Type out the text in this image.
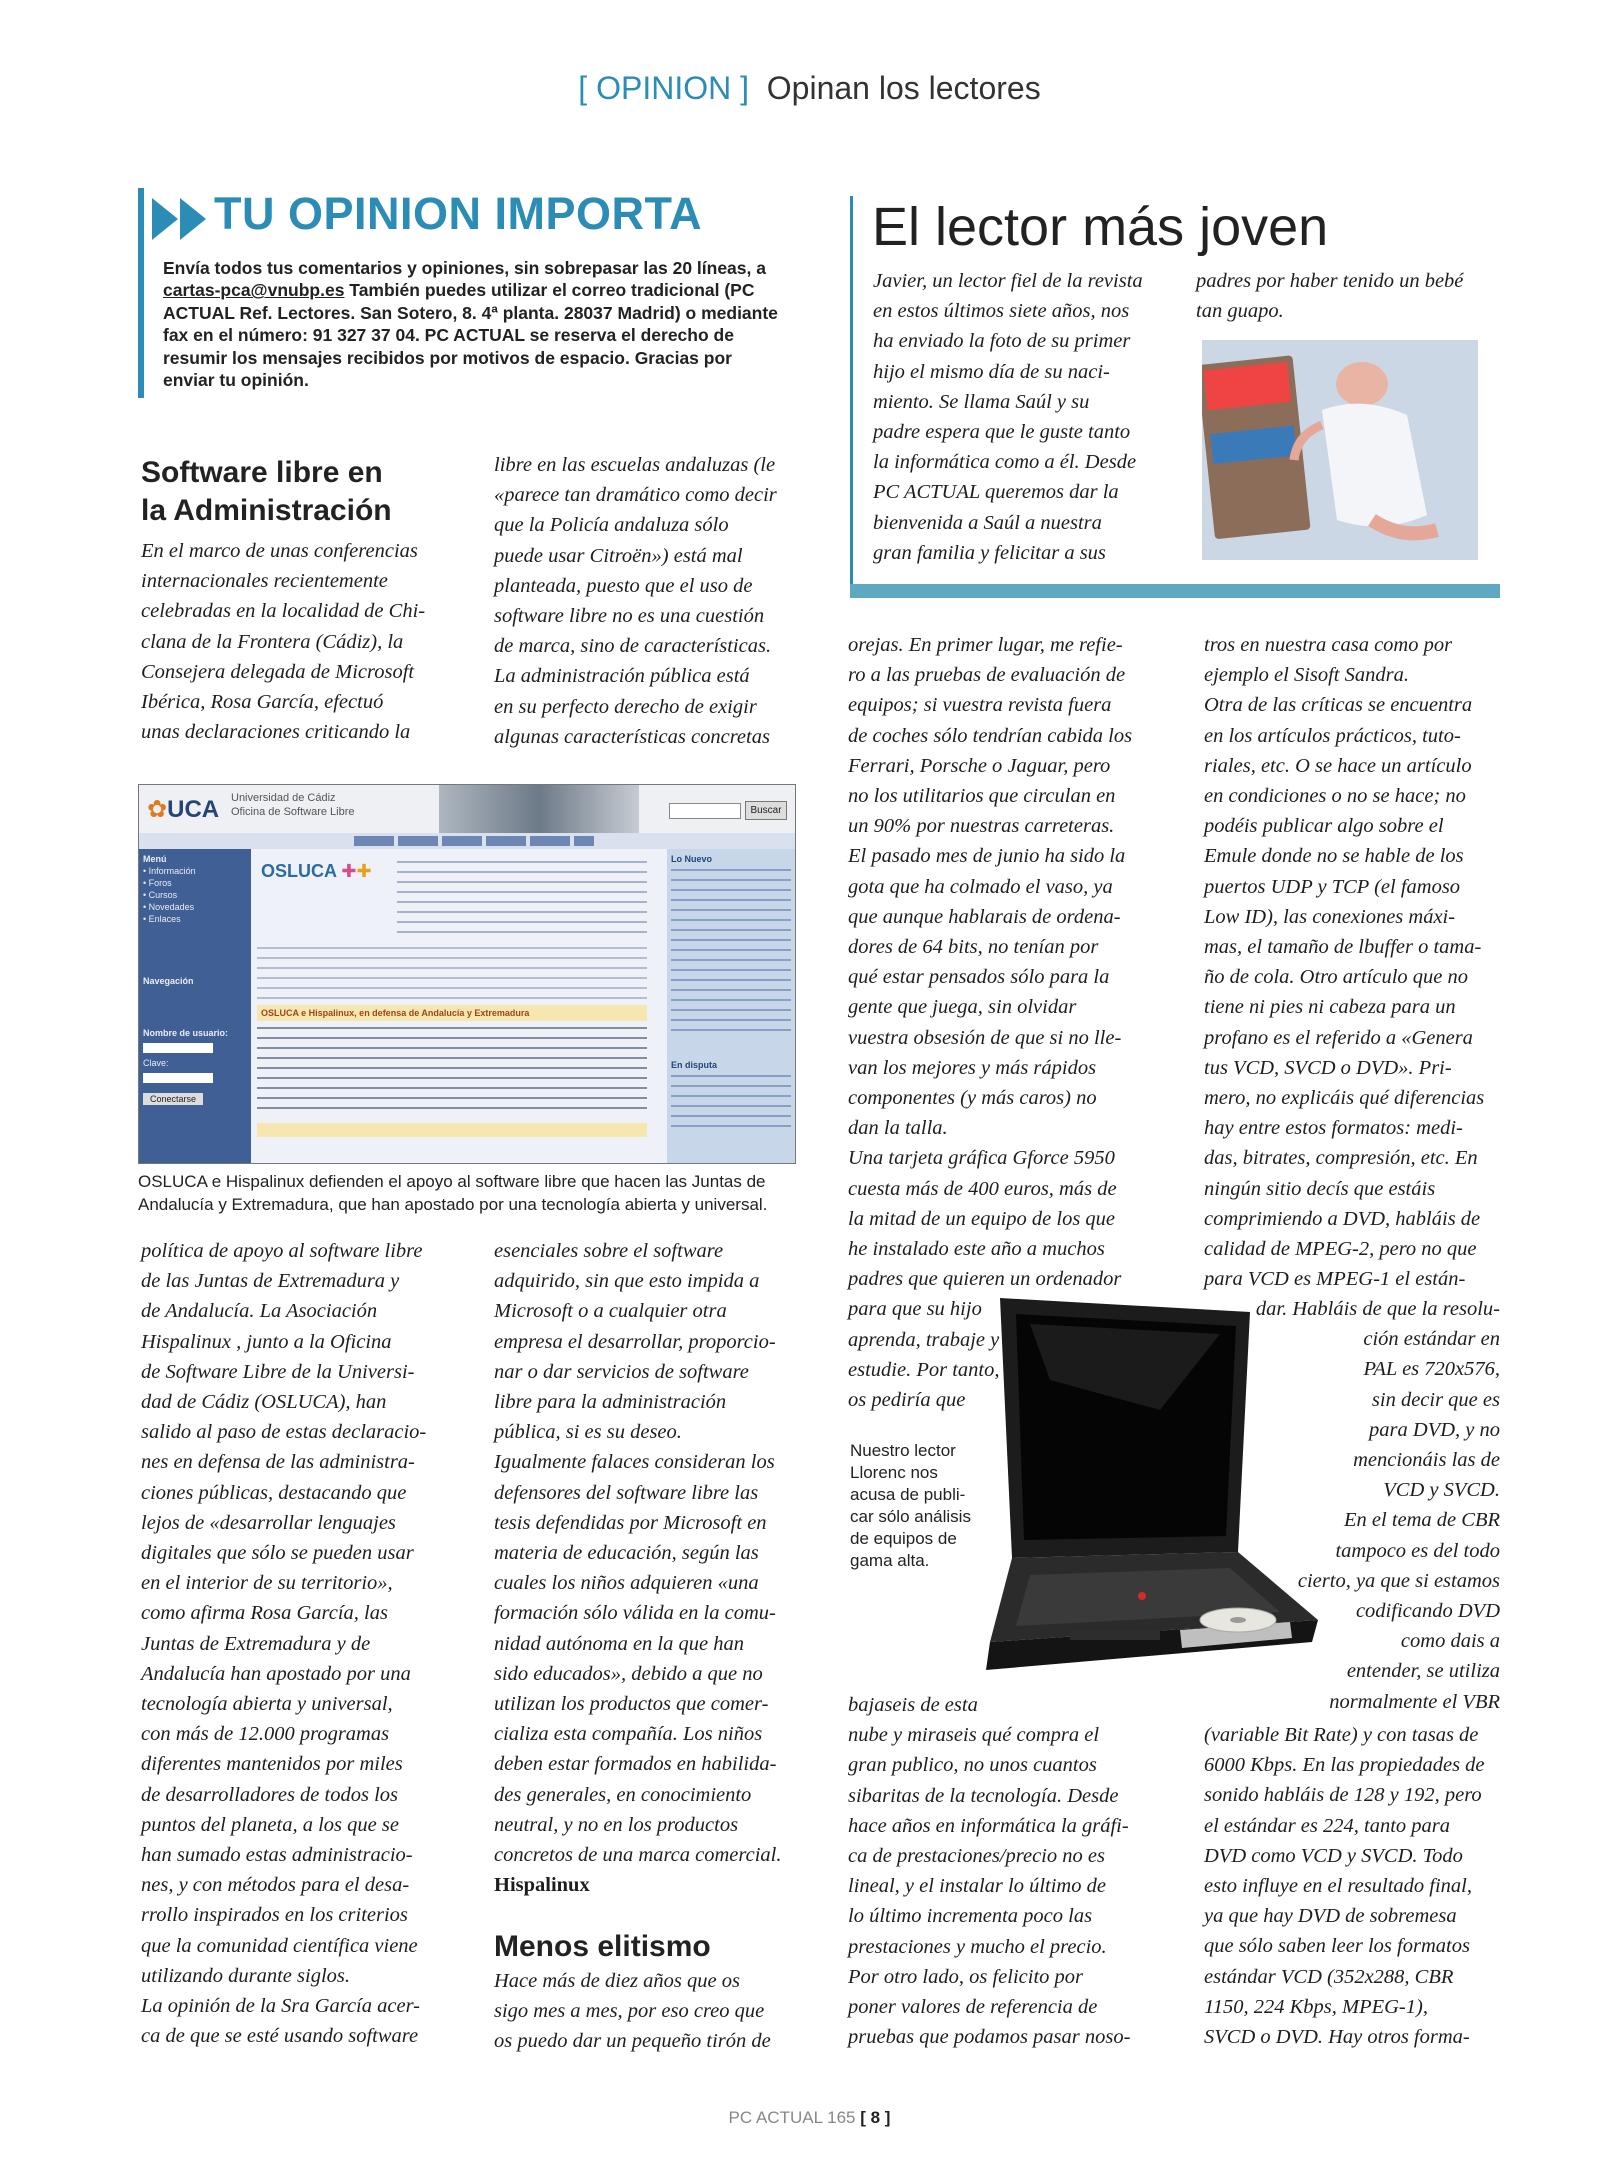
[ OPINION ] Opinan los lectores
TU OPINION IMPORTA
Envía todos tus comentarios y opiniones, sin sobrepasar las 20 líneas, a cartas-pca@vnubp.es También puedes utilizar el correo tradicional (PC ACTUAL Ref. Lectores. San Sotero, 8. 4ª planta. 28037 Madrid) o mediante fax en el número: 91 327 37 04. PC ACTUAL se reserva el derecho de resumir los mensajes recibidos por motivos de espacio. Gracias por enviar tu opinión.
Software libre en
la Administración
En el marco de unas conferencias
internacionales recientemente
celebradas en la localidad de Chi-
clana de la Frontera (Cádiz), la
Consejera delegada de Microsoft
Ibérica, Rosa García, efectuó
unas declaraciones criticando la
libre en las escuelas andaluzas (le
«parece tan dramático como decir
que la Policía andaluza sólo
puede usar Citroën») está mal
planteada, puesto que el uso de
software libre no es una cuestión
de marca, sino de características.
La administración pública está
en su perfecto derecho de exigir
algunas características concretas
✿UCA Universidad de Cádiz
Oficina de Software Libre	Buscar
Menú
• Información
• Foros
• Cursos
• Novedades
• Enlaces
Navegación
Nombre de usuario:
Clave:
Conectarse
OSLUCA ✚✚
OSLUCA e Hispalinux, en defensa de Andalucía y Extremadura
Lo Nuevo
En disputa
OSLUCA e Hispalinux defienden el apoyo al software libre que hacen las Juntas de Andalucía y Extremadura, que han apostado por una tecnología abierta y universal.
política de apoyo al software libre
de las Juntas de Extremadura y
de Andalucía. La Asociación
Hispalinux , junto a la Oficina
de Software Libre de la Universi-
dad de Cádiz (OSLUCA), han
salido al paso de estas declaracio-
nes en defensa de las administra-
ciones públicas, destacando que
lejos de «desarrollar lenguajes
digitales que sólo se pueden usar
en el interior de su territorio»,
como afirma Rosa García, las
Juntas de Extremadura y de
Andalucía han apostado por una
tecnología abierta y universal,
con más de 12.000 programas
diferentes mantenidos por miles
de desarrolladores de todos los
puntos del planeta, a los que se
han sumado estas administracio-
nes, y con métodos para el desa-
rrollo inspirados en los criterios
que la comunidad científica viene
utilizando durante siglos.
La opinión de la Sra García acer-
ca de que se esté usando software
esenciales sobre el software
adquirido, sin que esto impida a
Microsoft o a cualquier otra
empresa el desarrollar, proporcio-
nar o dar servicios de software
libre para la administración
pública, si es su deseo.
Igualmente falaces consideran los
defensores del software libre las
tesis defendidas por Microsoft en
materia de educación, según las
cuales los niños adquieren «una
formación sólo válida en la comu-
nidad autónoma en la que han
sido educados», debido a que no
utilizan los productos que comer-
cializa esta compañía. Los niños
deben estar formados en habilida-
des generales, en conocimiento
neutral, y no en los productos
concretos de una marca comercial.
Hispalinux
Menos elitismo
Hace más de diez años que os
sigo mes a mes, por eso creo que
os puedo dar un pequeño tirón de
El lector más joven
Javier, un lector fiel de la revista
en estos últimos siete años, nos
ha enviado la foto de su primer
hijo el mismo día de su naci-
miento. Se llama Saúl y su
padre espera que le guste tanto
la informática como a él. Desde
PC ACTUAL queremos dar la
bienvenida a Saúl a nuestra
gran familia y felicitar a sus
padres por haber tenido un bebé
tan guapo.
orejas. En primer lugar, me refie-
ro a las pruebas de evaluación de
equipos; si vuestra revista fuera
de coches sólo tendrían cabida los
Ferrari, Porsche o Jaguar, pero
no los utilitarios que circulan en
un 90% por nuestras carreteras.
El pasado mes de junio ha sido la
gota que ha colmado el vaso, ya
que aunque hablarais de ordena-
dores de 64 bits, no tenían por
qué estar pensados sólo para la
gente que juega, sin olvidar
vuestra obsesión de que si no lle-
van los mejores y más rápidos
componentes (y más caros) no
dan la talla.
Una tarjeta gráfica Gforce 5950
cuesta más de 400 euros, más de
la mitad de un equipo de los que
he instalado este año a muchos
padres que quieren un ordenador
para que su hijo
aprenda, trabaje y
estudie. Por tanto,
os pediría que
Nuestro lector Llorenc nos acusa de publi- car sólo análisis de equipos de gama alta.
bajaseis de esta
nube y miraseis qué compra el
gran publico, no unos cuantos
sibaritas de la tecnología. Desde
hace años en informática la gráfi-
ca de prestaciones/precio no es
lineal, y el instalar lo último de
lo último incrementa poco las
prestaciones y mucho el precio.
Por otro lado, os felicito por
poner valores de referencia de
pruebas que podamos pasar noso-
tros en nuestra casa como por
ejemplo el Sisoft Sandra.
Otra de las críticas se encuentra
en los artículos prácticos, tuto-
riales, etc. O se hace un artículo
en condiciones o no se hace; no
podéis publicar algo sobre el
Emule donde no se hable de los
puertos UDP y TCP (el famoso
Low ID), las conexiones máxi-
mas, el tamaño de lbuffer o tama-
ño de cola. Otro artículo que no
tiene ni pies ni cabeza para un
profano es el referido a «Genera
tus VCD, SVCD o DVD». Pri-
mero, no explicáis qué diferencias
hay entre estos formatos: medi-
das, bitrates, compresión, etc. En
ningún sitio decís que estáis
comprimiendo a DVD, habláis de
calidad de MPEG-2, pero no que
para VCD es MPEG-1 el están-
dar. Habláis de que la resolu-
ción estándar en
PAL es 720x576,
sin decir que es
para DVD, y no
mencionáis las de
VCD y SVCD.
En el tema de CBR
tampoco es del todo
cierto, ya que si estamos
codificando DVD
como dais a
entender, se utiliza
normalmente el VBR
(variable Bit Rate) y con tasas de
6000 Kbps. En las propiedades de
sonido habláis de 128 y 192, pero
el estándar es 224, tanto para
DVD como VCD y SVCD. Todo
esto influye en el resultado final,
ya que hay DVD de sobremesa
que sólo saben leer los formatos
estándar VCD (352x288, CBR
1150, 224 Kbps, MPEG-1),
SVCD o DVD. Hay otros forma-
PC ACTUAL 165 [ 8 ]
